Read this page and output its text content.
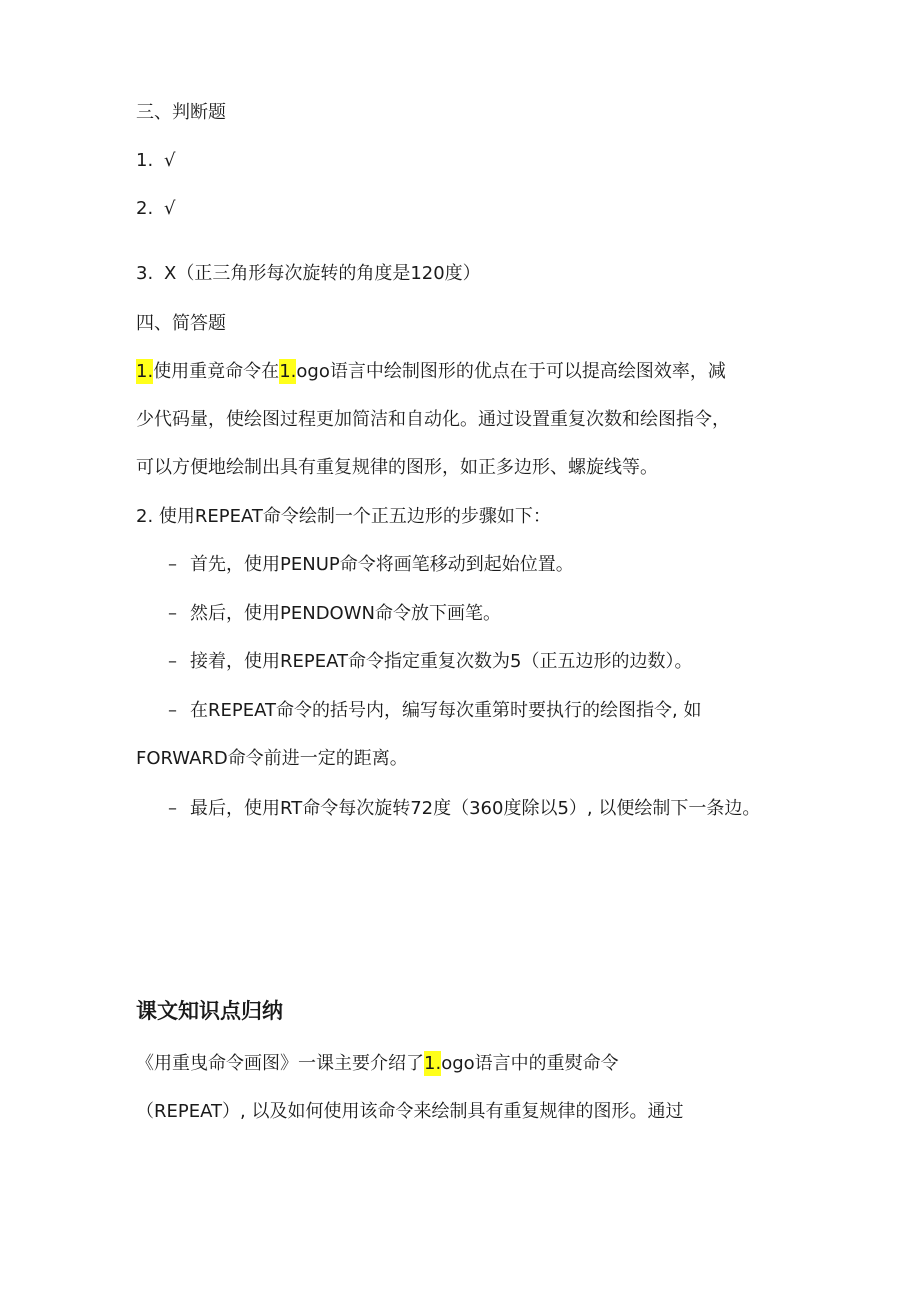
三、判断题
1. √
2. √
3. X（正三角形每次旋转的角度是120度）
四、简答题
1.使用重竟命令在1.ogo语言中绘制图形的优点在于可以提高绘图效率，减
少代码量，使绘图过程更加简洁和自动化。通过设置重复次数和绘图指令，
可以方便地绘制出具有重复规律的图形，如正多边形、螺旋线等。
2. 使用REPEAT命令绘制一个正五边形的步骤如下：
– 首先，使用PENUP命令将画笔移动到起始位置。
– 然后，使用PENDOWN命令放下画笔。
– 接着，使用REPEAT命令指定重复次数为5（正五边形的边数）。
– 在REPEAT命令的括号内，编写每次重第时要执行的绘图指令, 如
FORWARD命令前进一定的距离。
– 最后，使用RT命令每次旋转72度（360度除以5）, 以便绘制下一条边。
课文知识点归纳
《用重曳命令画图》一课主要介绍了1.ogo语言中的重熨命令
（REPEAT）, 以及如何使用该命令来绘制具有重复规律的图形。通过
